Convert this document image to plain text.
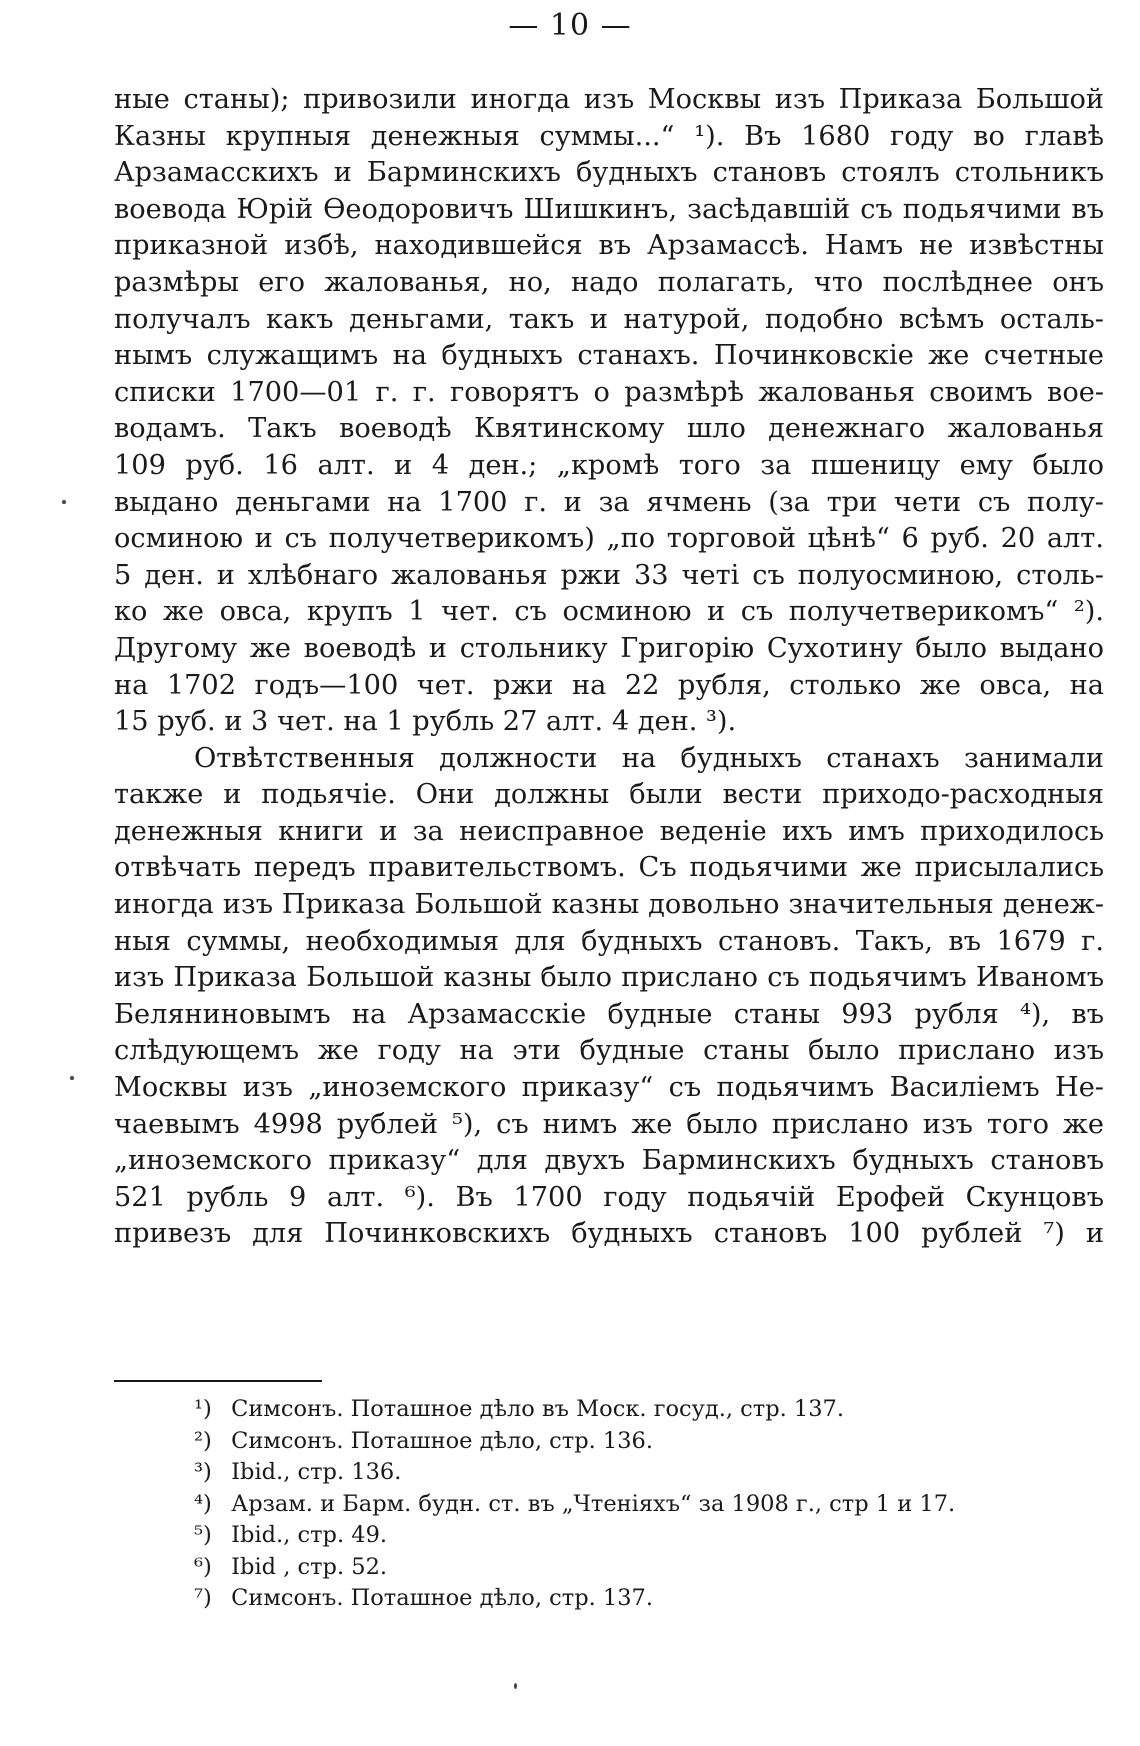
— 10 —
ные станы); привозили иногда изъ Москвы изъ Приказа Большой
Казны крупныя денежныя суммы...“ ¹). Въ 1680 году во главѣ
Арзамасскихъ и Барминскихъ будныхъ становъ стоялъ стольникъ
воевода Юрій Өеодоровичъ Шишкинъ, засѣдавшій съ подьячими въ
приказной избѣ, находившейся въ Арзамассѣ. Намъ не извѣстны
размѣры его жалованья, но, надо полагать, что послѣднее онъ
получалъ какъ деньгами, такъ и натурой, подобно всѣмъ осталь-
нымъ служащимъ на будныхъ станахъ. Починковскіе же счетные
списки 1700—01 г. г. говорятъ о размѣрѣ жалованья своимъ вое-
водамъ. Такъ воеводѣ Квятинскому шло денежнаго жалованья
109 руб. 16 алт. и 4 ден.; „кромѣ того за пшеницу ему было
выдано деньгами на 1700 г. и за ячмень (за три чети съ полу-
осминою и съ получетверикомъ) „по торговой цѣнѣ“ 6 руб. 20 алт.
5 ден. и хлѣбнаго жалованья ржи 33 четі съ полуосминою, столь-
ко же овса, крупъ 1 чет. съ осминою и съ получетверикомъ“ ²).
Другому же воеводѣ и стольнику Григорію Сухотину было выдано
на 1702 годъ—100 чет. ржи на 22 рубля, столько же овса, на
15 руб. и 3 чет. на 1 рубль 27 алт. 4 ден. ³).
Отвѣтственныя должности на будныхъ станахъ занимали
также и подьячіе. Они должны были вести приходо-расходныя
денежныя книги и за неисправное веденіе ихъ имъ приходилось
отвѣчать передъ правительствомъ. Съ подьячими же присылались
иногда изъ Приказа Большой казны довольно значительныя денеж-
ныя суммы, необходимыя для будныхъ становъ. Такъ, въ 1679 г.
изъ Приказа Большой казны было прислано съ подьячимъ Иваномъ
Беляниновымъ на Арзамасскіе будные станы 993 рубля ⁴), въ
слѣдующемъ же году на эти будные станы было прислано изъ
Москвы изъ „иноземского приказу“ съ подьячимъ Василіемъ Не-
чаевымъ 4998 рублей ⁵), съ нимъ же было прислано изъ того же
„иноземского приказу“ для двухъ Барминскихъ будныхъ становъ
521 рубль 9 алт. ⁶). Въ 1700 году подьячій Ерофей Скунцовъ
привезъ для Починковскихъ будныхъ становъ 100 рублей ⁷) и
¹) Симсонъ. Поташное дѣло въ Моск. госуд., стр. 137.
²) Симсонъ. Поташное дѣло, стр. 136.
³) Ibid., стр. 136.
⁴) Арзам. и Барм. будн. ст. въ „Чтеніяхъ“ за 1908 г., стр 1 и 17.
⁵) Ibid., стр. 49.
⁶) Ibid , стр. 52.
⁷) Симсонъ. Поташное дѣло, стр. 137.
